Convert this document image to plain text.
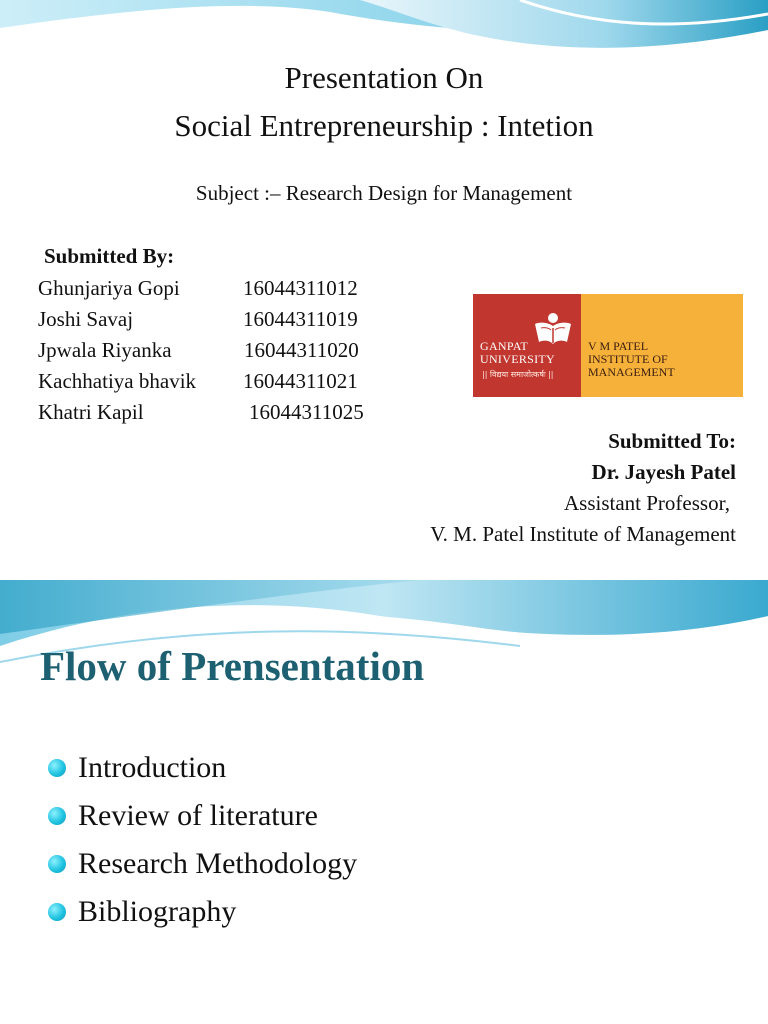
Presentation On
Social Entrepreneurship : Intetion
Subject :– Research Design for Management
Submitted By:
Ghunjariya Gopi	16044311012
Joshi Savaj	16044311019
Jpwala Riyanka	16044311020
Kachhatiya bhavik 16044311021
Khatri Kapil	16044311025
GANPAT
UNIVERSITY
|| विद्यया समाजोत्कर्षः ||
V M PATEL
INSTITUTE OF
MANAGEMENT
Submitted To:
Dr. Jayesh Patel
Assistant Professor,
V. M. Patel Institute of Management
Flow of Prensentation
Introduction
Review of literature
Research Methodology
Bibliography
